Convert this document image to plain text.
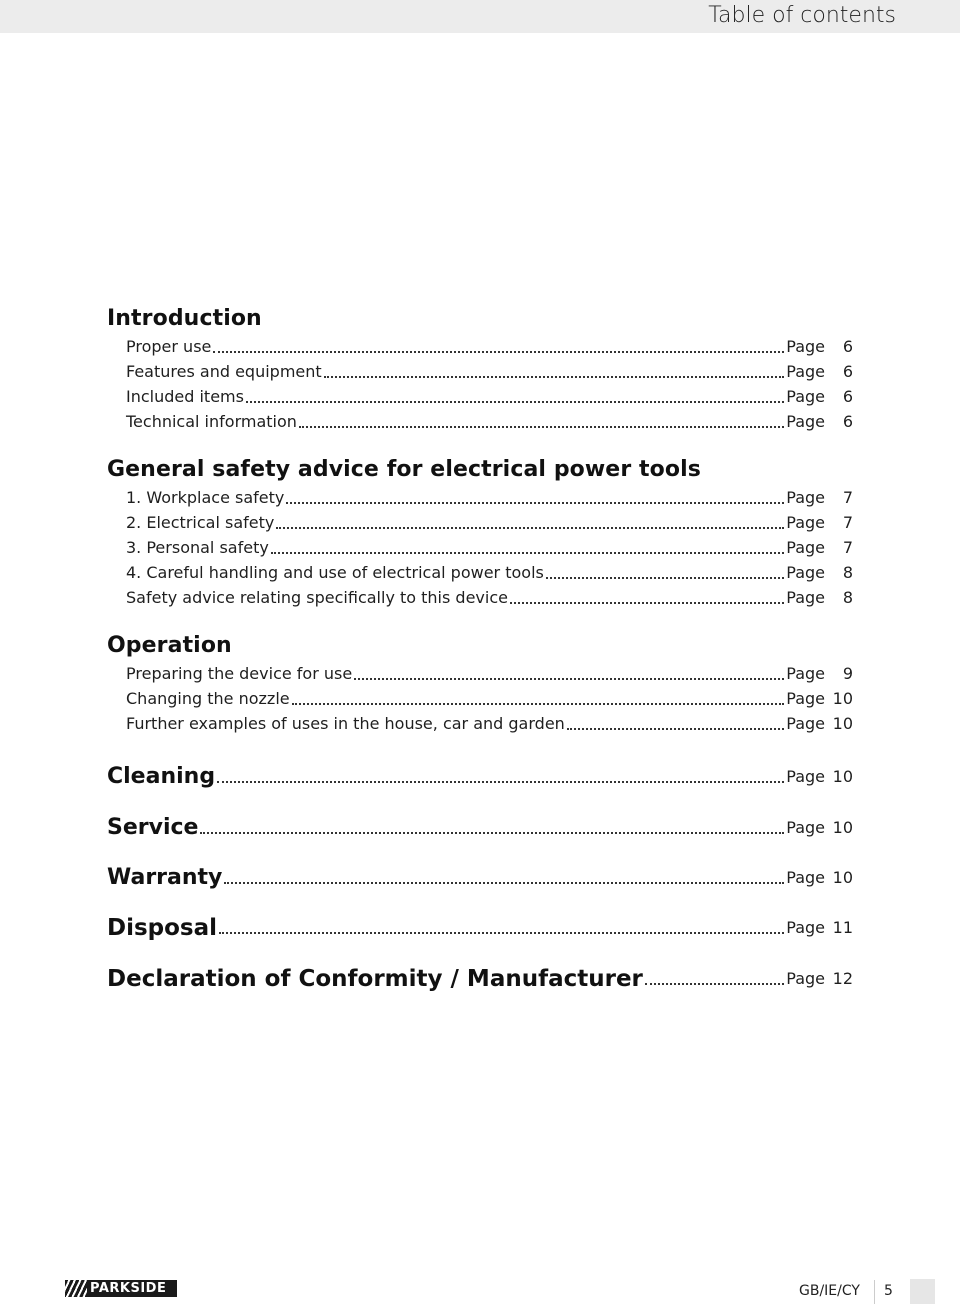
Table of contents
Introduction
Proper use	Page	6
Features and equipment	Page	6
Included items	Page	6
Technical information	Page	6
General safety advice for electrical power tools
1. Workplace safety	Page	7
2. Electrical safety	Page	7
3. Personal safety	Page	7
4. Careful handling and use of electrical power tools	Page	8
Safety advice relating specifically to this device	Page	8
Operation
Preparing the device for use	Page	9
Changing the nozzle	Page 10
Further examples of uses in the house, car and garden	Page 10
Cleaning	Page 10
Service	Page 10
Warranty	Page 10
Disposal	Page 11
Declaration of Conformity / Manufacturer	Page 12
PARKSIDE	GB/IE/CY 5
